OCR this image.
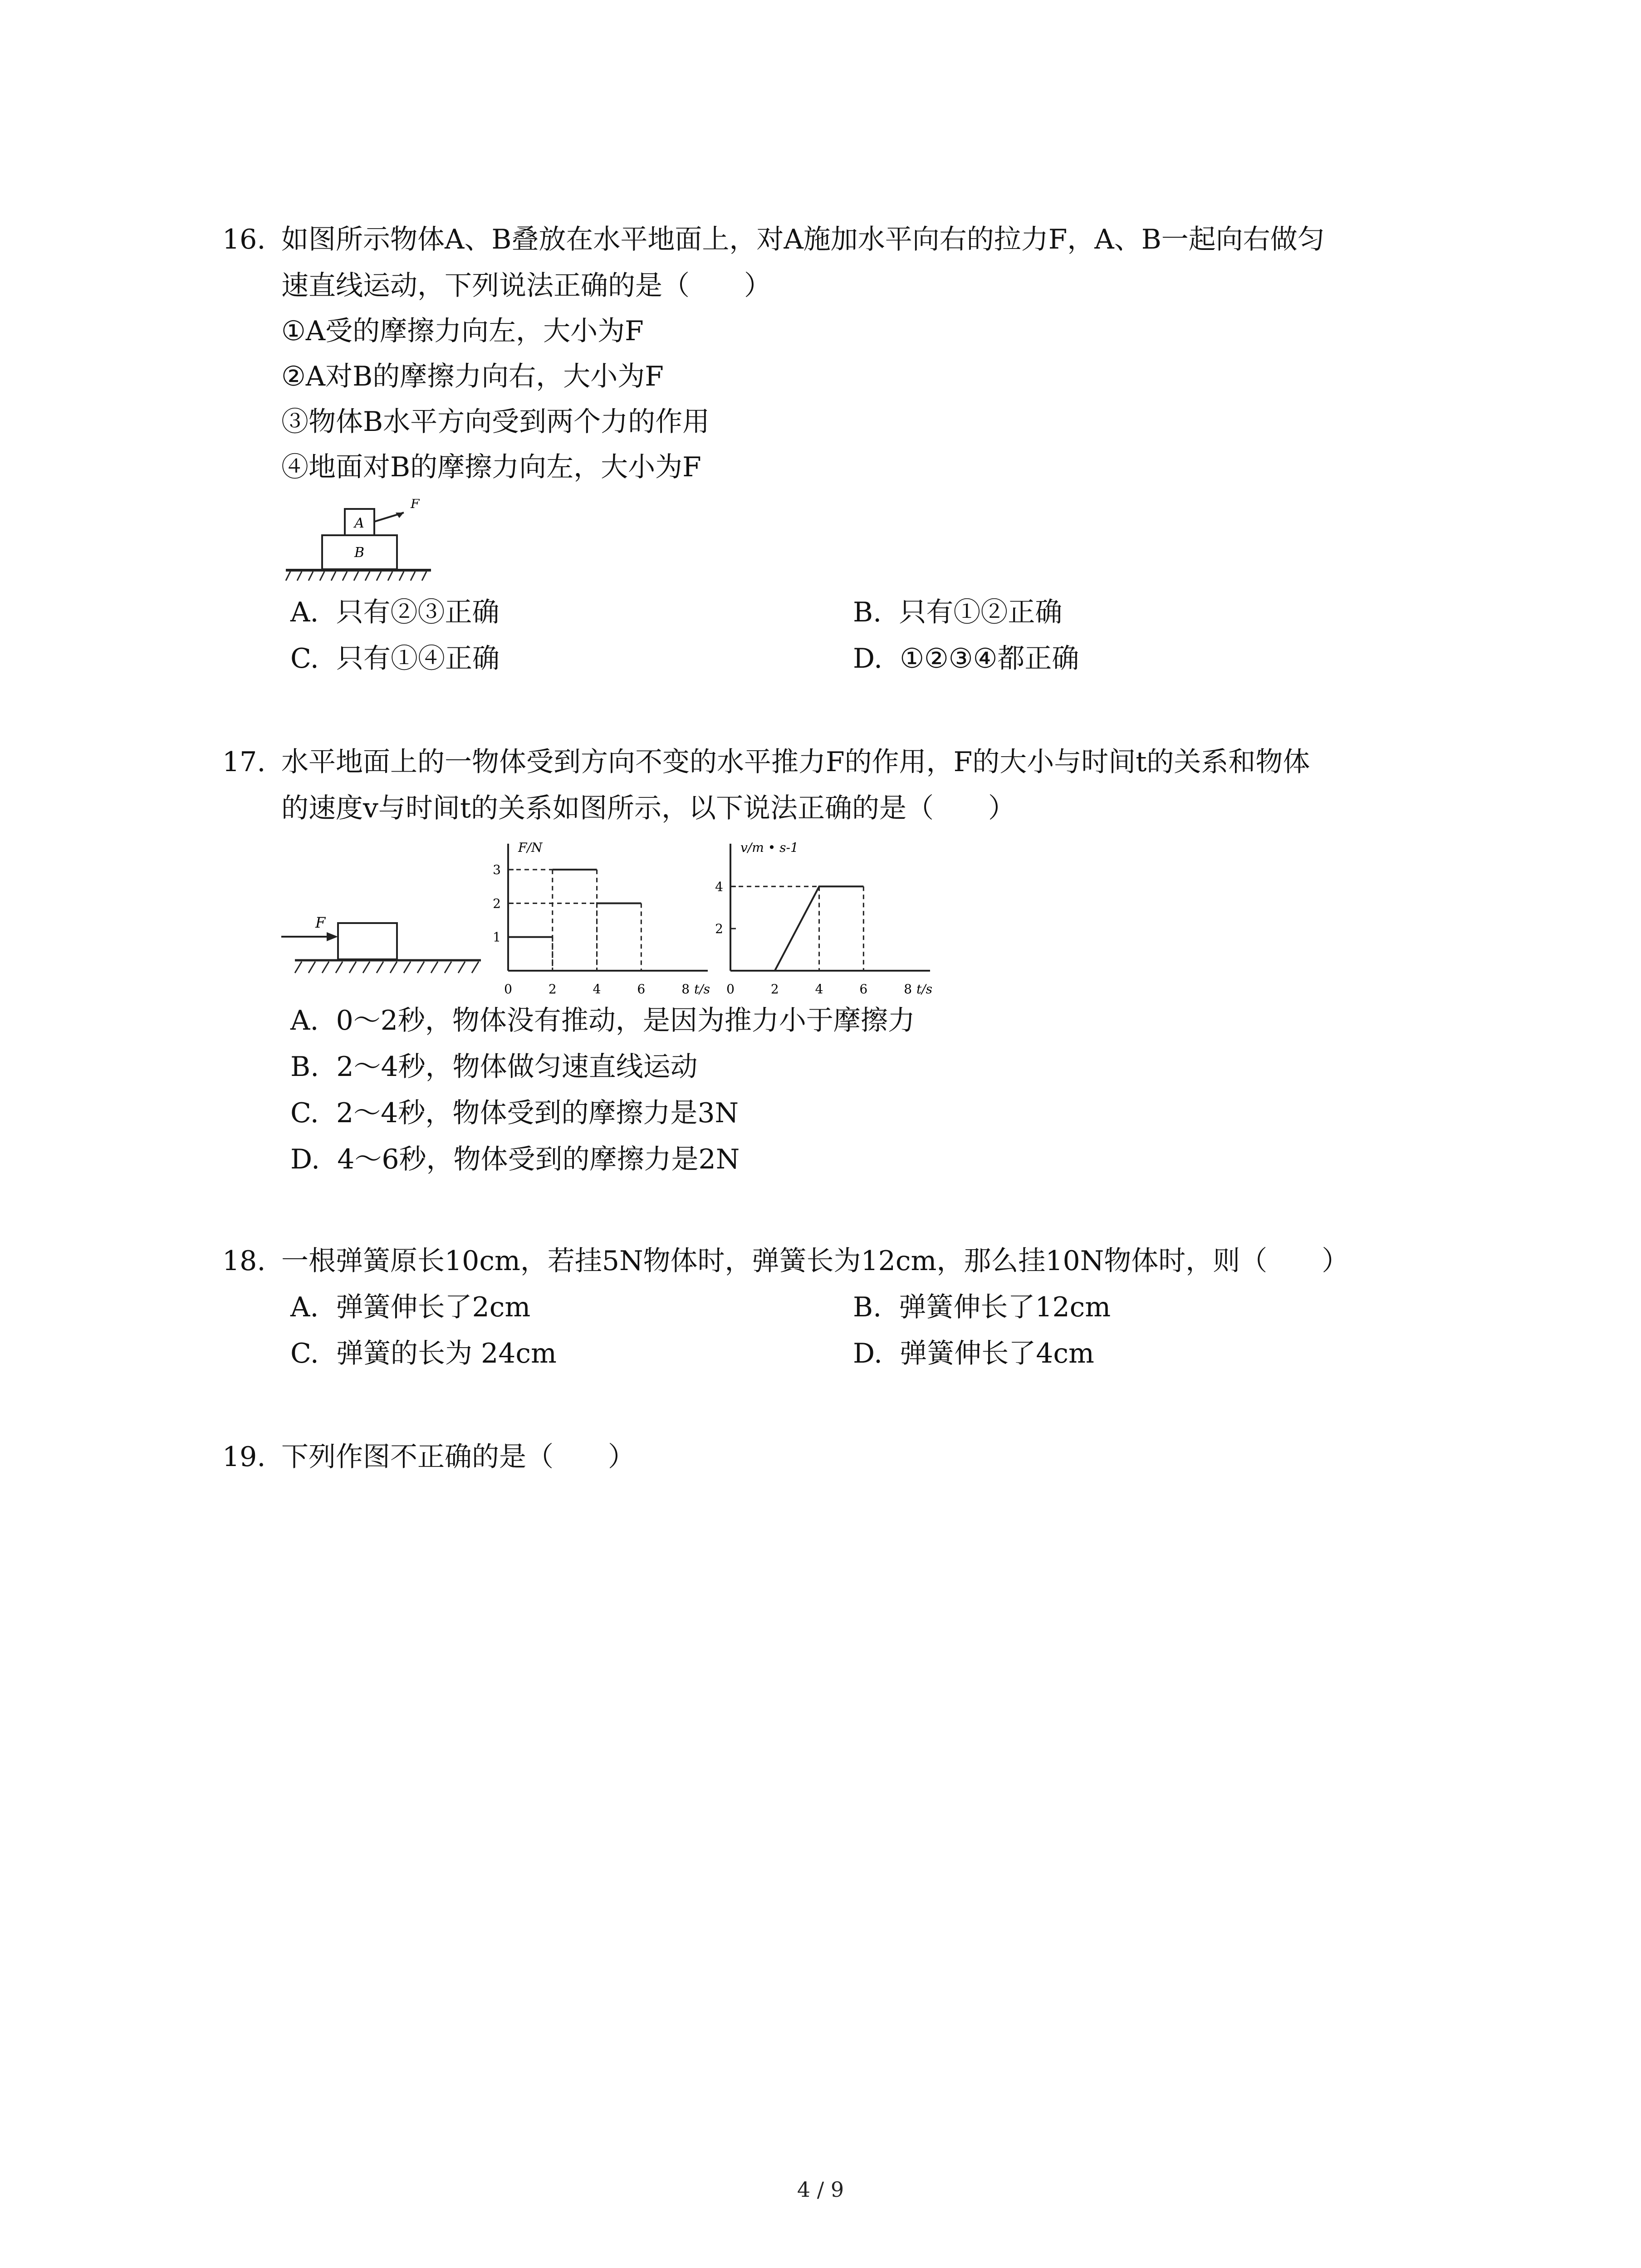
16. 如图所示物体A、B叠放在水平地面上，对A施加水平向右的拉力F，A、B一起向右做匀
速直线运动，下列说法正确的是（　　）
①A受的摩擦力向左，大小为F
②A对B的摩擦力向右，大小为F
③物体B水平方向受到两个力的作用
④地面对B的摩擦力向左，大小为F
A
B
F
A. 只有②③正确	B. 只有①②正确
C. 只有①④正确	D. ①②③④都正确
17. 水平地面上的一物体受到方向不变的水平推力F的作用，F的大小与时间t的关系和物体
的速度v与时间t的关系如图所示，以下说法正确的是（　　）
F
F/N
t/s
0	2	4	6	8
1
2
3
v/m • s-1
t/s
0	2	4	6	8
2
4
A. 0～2秒，物体没有推动，是因为推力小于摩擦力
B. 2～4秒，物体做匀速直线运动
C. 2～4秒，物体受到的摩擦力是3N
D. 4～6秒，物体受到的摩擦力是2N
18. 一根弹簧原长10cm，若挂5N物体时，弹簧长为12cm，那么挂10N物体时，则（　　）
A. 弹簧伸长了2cm	B. 弹簧伸长了12cm
C. 弹簧的长为 24cm	D. 弹簧伸长了4cm
19. 下列作图不正确的是（　　）
4 / 9
